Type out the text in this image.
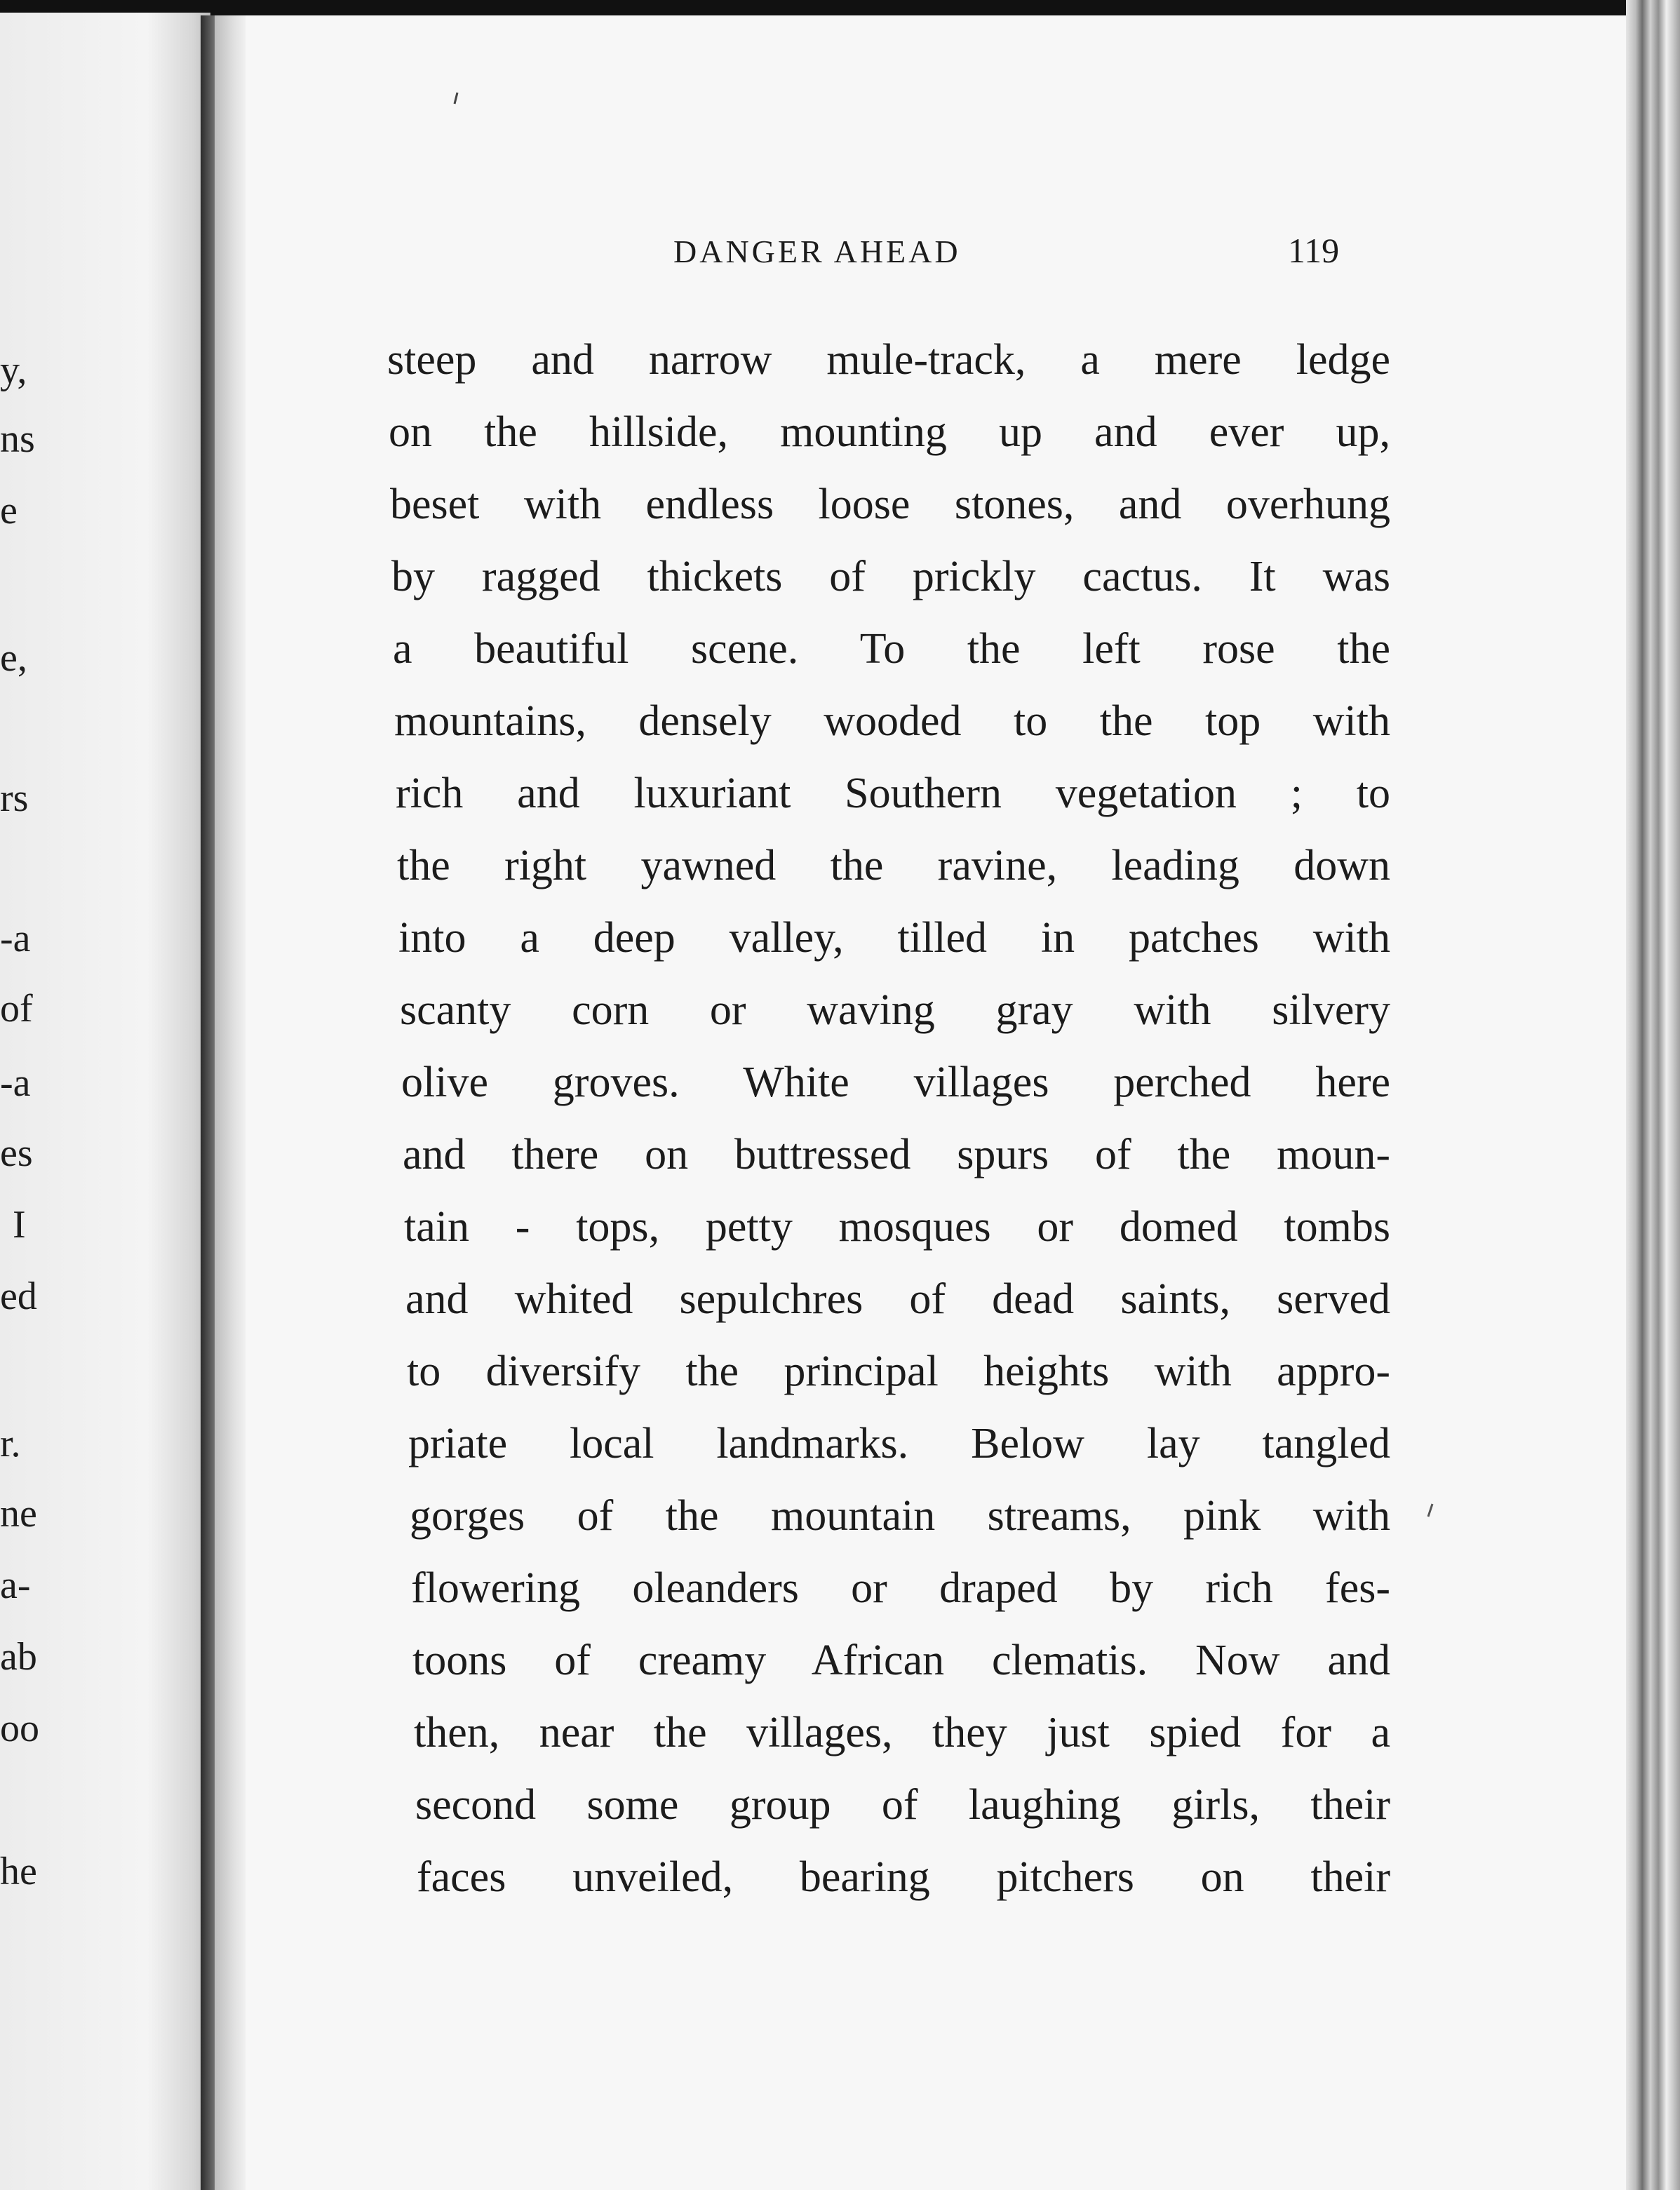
y,
ns
e
e,
rs
-a
of
-a
es
I
ed
r.
ne
a-
ab
oo
he
DANGER AHEAD	119
steep and narrow mule-track, a mere ledge
on the hillside, mounting up and ever up,
beset with endless loose stones, and overhung
by ragged thickets of prickly cactus. It was
a beautiful scene. To the left rose the
mountains, densely wooded to the top with
rich and luxuriant Southern vegetation ; to
the right yawned the ravine, leading down
into a deep valley, tilled in patches with
scanty corn or waving gray with silvery
olive groves. White villages perched here
and there on buttressed spurs of the moun-
tain - tops, petty mosques or domed tombs
and whited sepulchres of dead saints, served
to diversify the principal heights with appro-
priate local landmarks. Below lay tangled
gorges of the mountain streams, pink with
flowering oleanders or draped by rich fes-
toons of creamy African clematis. Now and
then, near the villages, they just spied for a
second some group of laughing girls, their
faces unveiled, bearing pitchers on their
